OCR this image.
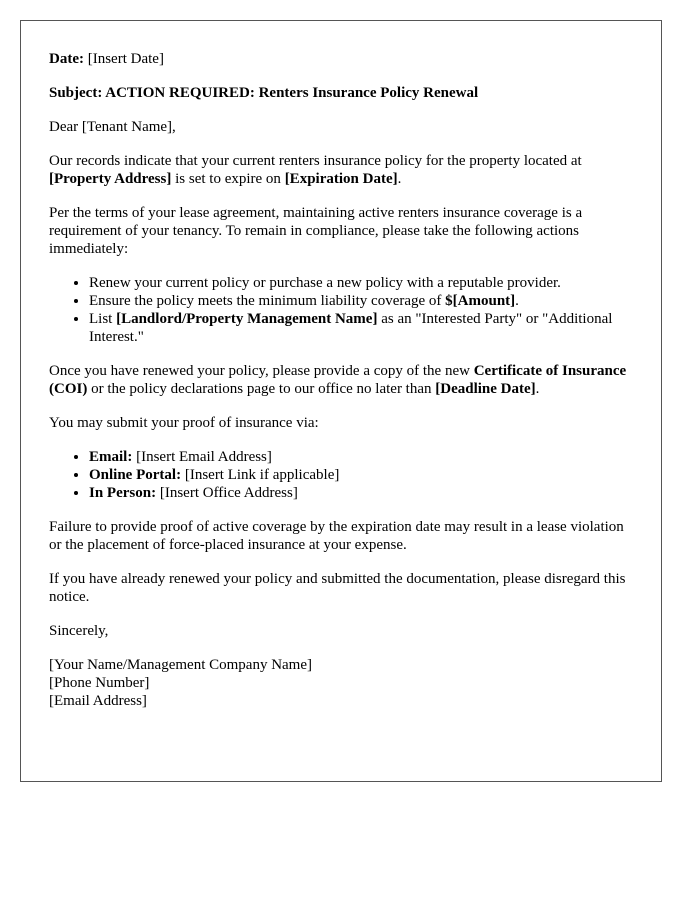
Date: [Insert Date]

Subject: ACTION REQUIRED: Renters Insurance Policy Renewal

Dear [Tenant Name],

Our records indicate that your current renters insurance policy for the property located at [Property Address] is set to expire on [Expiration Date].

Per the terms of your lease agreement, maintaining active renters insurance coverage is a requirement of your tenancy. To remain in compliance, please take the following actions immediately:

• Renew your current policy or purchase a new policy with a reputable provider.
• Ensure the policy meets the minimum liability coverage of $[Amount].
• List [Landlord/Property Management Name] as an "Interested Party" or "Additional Interest."

Once you have renewed your policy, please provide a copy of the new Certificate of Insurance (COI) or the policy declarations page to our office no later than [Deadline Date].

You may submit your proof of insurance via:

• Email: [Insert Email Address]
• Online Portal: [Insert Link if applicable]
• In Person: [Insert Office Address]

Failure to provide proof of active coverage by the expiration date may result in a lease violation or the placement of force-placed insurance at your expense.

If you have already renewed your policy and submitted the documentation, please disregard this notice.

Sincerely,

[Your Name/Management Company Name]
[Phone Number]
[Email Address]
